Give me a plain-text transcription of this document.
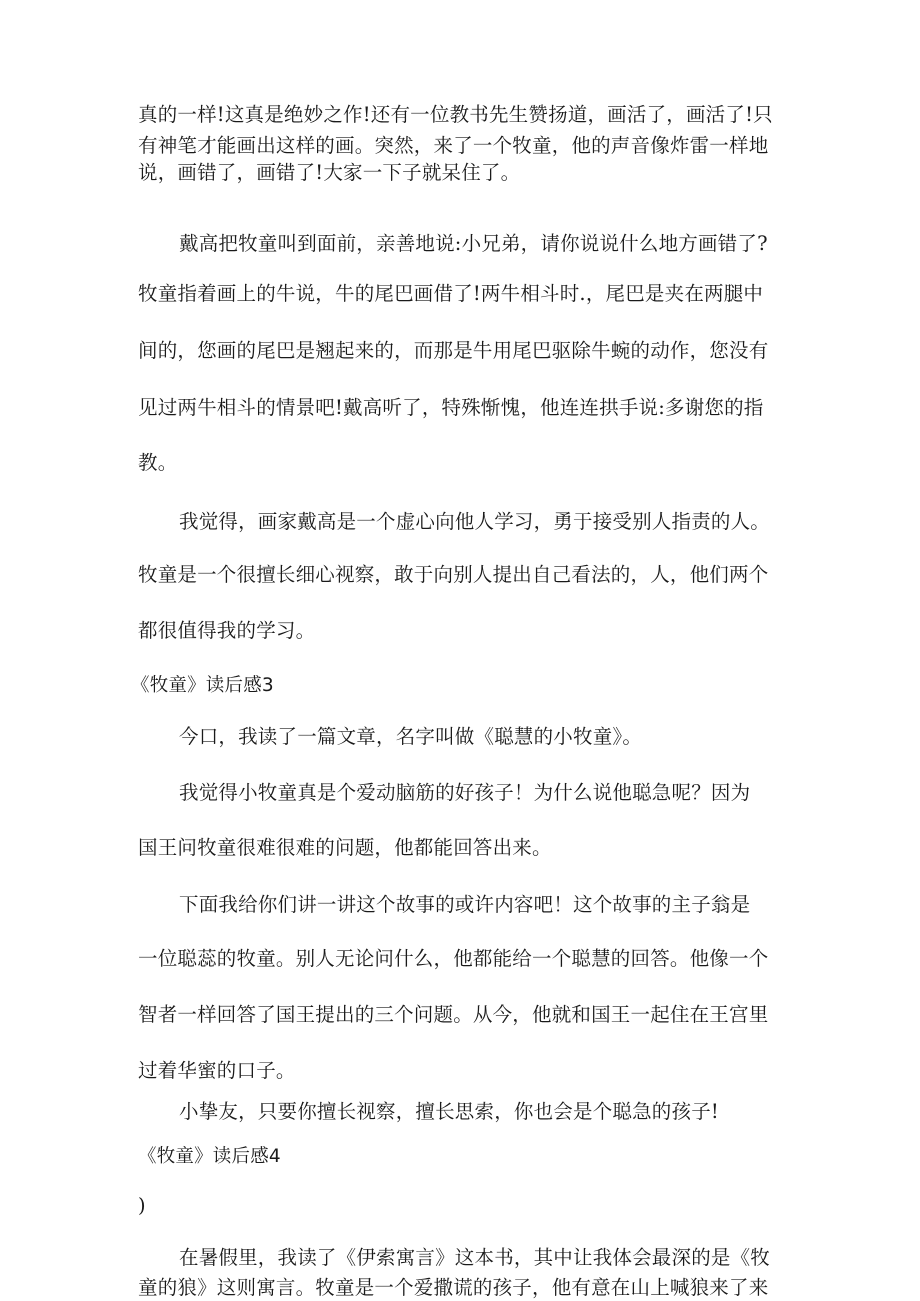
真的一样!这真是绝妙之作!还有一位教书先生赞扬道，画活了，画活了!只
有神笔才能画出这样的画。突然，来了一个牧童，他的声音像炸雷一样地
说，画错了，画错了!大家一下子就呆住了。
戴高把牧童叫到面前，亲善地说:小兄弟，请你说说什么地方画错了?
牧童指着画上的牛说，牛的尾巴画借了!两牛相斗时.，尾巴是夹在两腿中
间的，您画的尾巴是翘起来的，而那是牛用尾巴驱除牛蜿的动作，您没有
见过两牛相斗的情景吧!戴高听了，特殊惭愧，他连连拱手说:多谢您的指
教。
我觉得，画家戴高是一个虚心向他人学习，勇于接受别人指责的人。
牧童是一个很擅长细心视察，敢于向别人提出自己看法的，人，他们两个
都很值得我的学习。
《牧童》读后感3
今口，我读了一篇文章，名字叫做《聪慧的小牧童》。
我觉得小牧童真是个爱动脑筋的好孩子！为什么说他聪急呢？因为
国王问牧童很难很难的问题，他都能回答出来。
下面我给你们讲一讲这个故事的或许内容吧！这个故事的主子翁是
一位聪蕊的牧童。别人无论问什么，他都能给一个聪慧的回答。他像一个
智者一样回答了国王提出的三个问题。从今，他就和国王一起住在王宫里
过着华蜜的口子。
小挚友，只要你擅长视察，擅长思索，你也会是个聪急的孩子!
《牧童》读后感4
)
在暑假里，我读了《伊索寓言》这本书，其中让我体会最深的是《牧
童的狼》这则寓言。牧童是一个爱撒谎的孩子，他有意在山上喊狼来了来
